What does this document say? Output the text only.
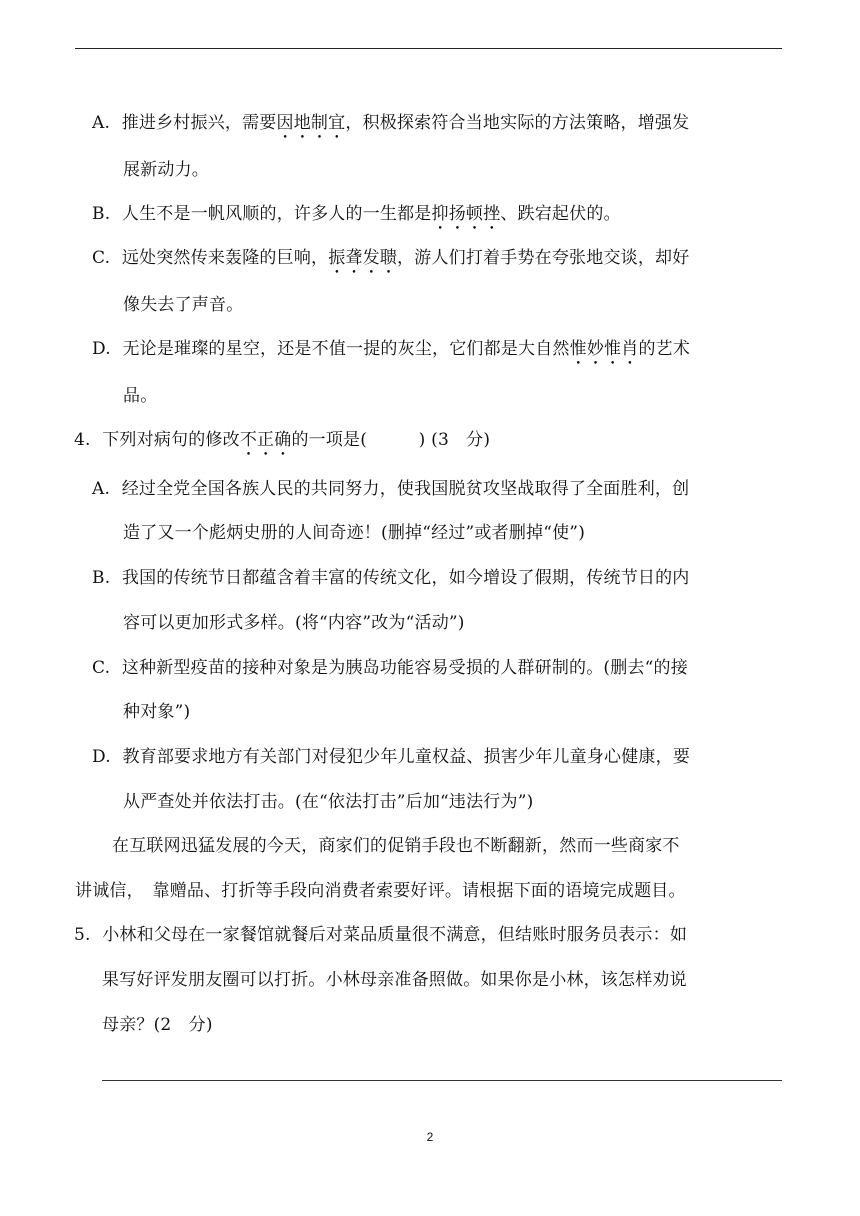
A. 推进乡村振兴，需要因地制宜，积极探索符合当地实际的方法策略，增强发
展新动力。
B. 人生不是一帆风顺的，许多人的一生都是抑扬顿挫、跌宕起伏的。
C. 远处突然传来轰隆的巨响，振聋发聩，游人们打着手势在夸张地交谈，却好
像失去了声音。
D. 无论是璀璨的星空，还是不值一提的灰尘，它们都是大自然惟妙惟肖的艺术
品。
4. 下列对病句的修改不正确的一项是(　　　) (3　分)
A. 经过全党全国各族人民的共同努力，使我国脱贫攻坚战取得了全面胜利，创
造了又一个彪炳史册的人间奇迹！(删掉“经过”或者删掉“使”)
B. 我国的传统节日都蕴含着丰富的传统文化，如今增设了假期，传统节日的内
容可以更加形式多样。(将“内容”改为“活动”)
C. 这种新型疫苗的接种对象是为胰岛功能容易受损的人群研制的。(删去“的接
种对象”)
D. 教育部要求地方有关部门对侵犯少年儿童权益、损害少年儿童身心健康，要
从严查处并依法打击。(在“依法打击”后加“违法行为”)
在互联网迅猛发展的今天，商家们的促销手段也不断翻新，然而一些商家不
讲诚信，　靠赠品、打折等手段向消费者索要好评。请根据下面的语境完成题目。
5. 小林和父母在一家餐馆就餐后对菜品质量很不满意，但结账时服务员表示：如
果写好评发朋友圈可以打折。小林母亲准备照做。如果你是小林，该怎样劝说
母亲？(2　分)
2
